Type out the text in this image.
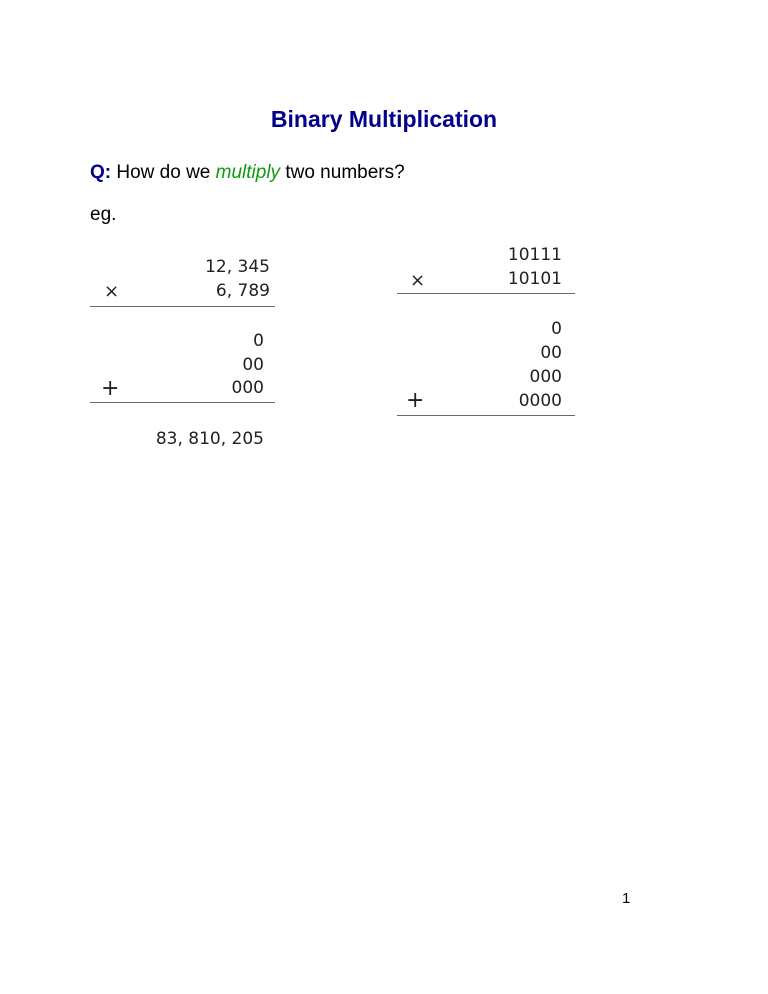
Binary Multiplication

Q: How do we multiply two numbers?

eg.

12, 345
×	6, 789
0
00
+	000
83, 810, 205
10111
×	10101
0
00
000
+	0000
1
